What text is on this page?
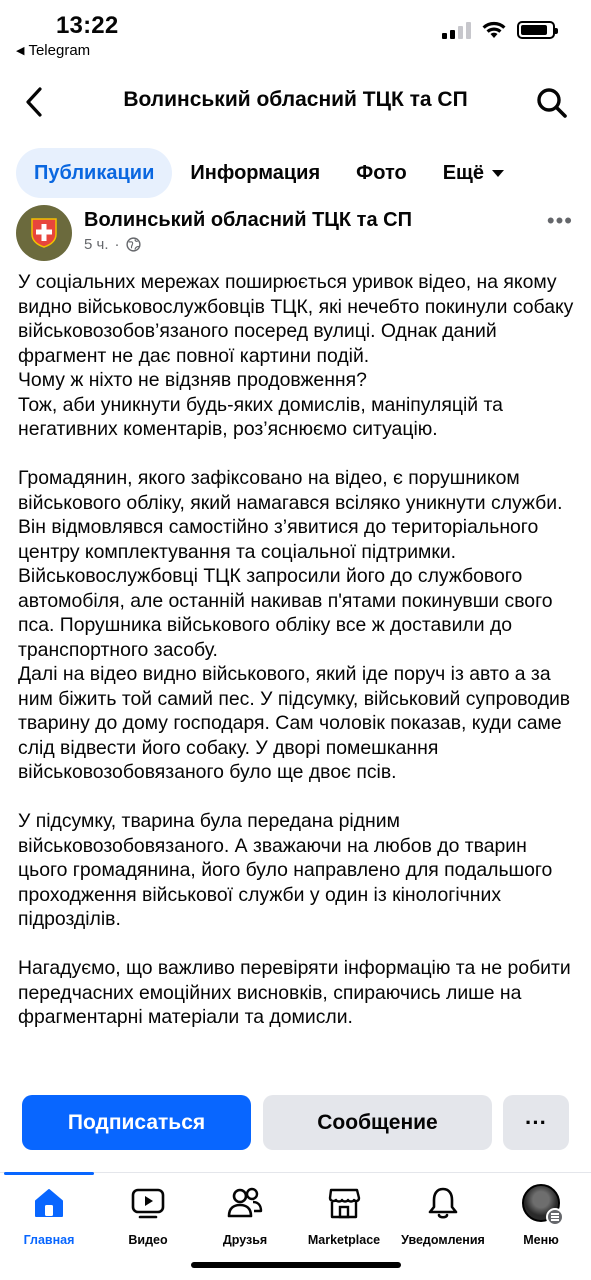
13:22
◀ Telegram
Волинський обласний ТЦК та СП
Публикации Информация Фото Ещё
Волинський обласний ТЦК та СП
5 ч. ·
•••

У соціальних мережах поширюється уривок відео, на якому видно військовослужбовців ТЦК, які нечебто покинули собаку військовозобов’язаного посеред вулиці. Однак даний фрагмент не дає повної картини подій.
Чому ж ніхто не відзняв продовження?
Тож, аби уникнути будь-яких домислів, маніпуляцій та негативних коментарів, роз’яснюємо ситуацію.

Громадянин, якого зафіксовано на відео, є порушником військового обліку, який намагався всіляко уникнути служби. Він відмовлявся самостійно з’явитися до територіального центру комплектування та соціальної підтримки. Військовослужбовці ТЦК запросили його до службового автомобіля, але останній накивав п'ятами покинувши свого пса. Порушника військового обліку все ж доставили до транспортного засобу.
Далі на відео видно військового, який іде поруч із авто а за ним біжить той самий пес. У підсумку, військовий супроводив тварину до дому господаря. Сам чоловік показав, куди саме слід відвести його собаку. У дворі помешкання військовозобовязаного було ще двоє псів.

У підсумку, тварина була передана рідним військовозобовязаного. А зважаючи на любов до тварин цього громадянина, його було направлено для подальшого проходження військової служби у один із кінологічних підрозділів.

Нагадуємо, що важливо перевіряти інформацію та не робити передчасних емоційних висновків, спираючись лише на фрагментарні матеріали та домисли.

Подписаться	Сообщение	···
Главная	Видео	Друзья	Marketplace	Уведомления	Меню
